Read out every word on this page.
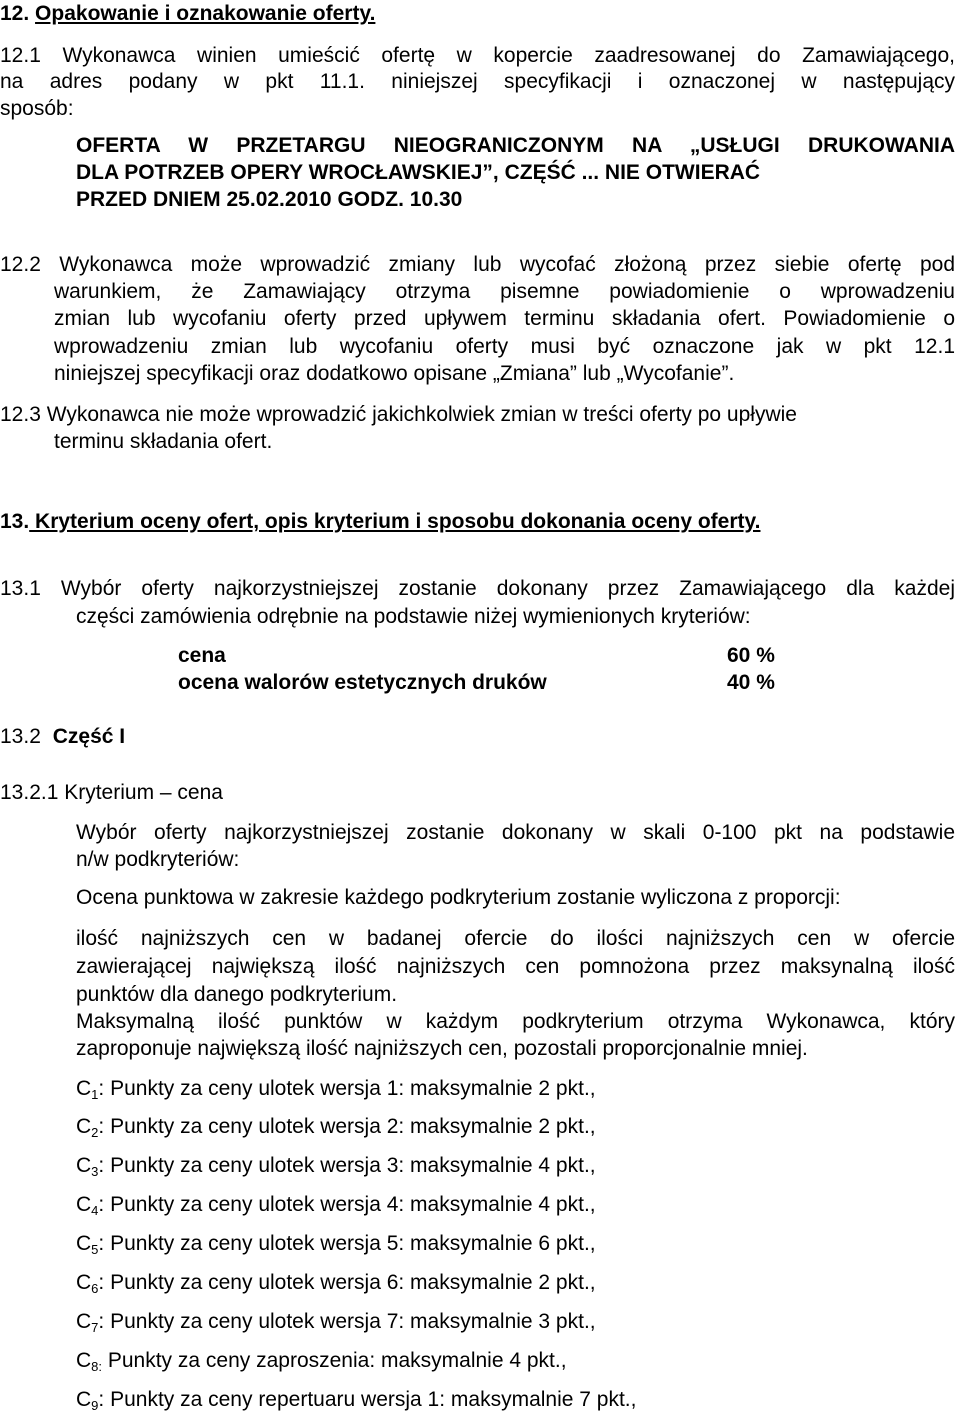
12. Opakowanie i oznakowanie oferty.
12.1 Wykonawca winien umieścić ofertę w kopercie zaadresowanej do Zamawiającego,
na adres podany w pkt 11.1. niniejszej specyfikacji i oznaczonej w następujący
sposób:
OFERTA W PRZETARGU NIEOGRANICZONYM NA „USŁUGI DRUKOWANIA
DLA POTRZEB OPERY WROCŁAWSKIEJ”, CZĘŚĆ ... NIE OTWIERAĆ
PRZED DNIEM 25.02.2010 GODZ. 10.30
12.2 Wykonawca może wprowadzić zmiany lub wycofać złożoną przez siebie ofertę pod
warunkiem, że Zamawiający otrzyma pisemne powiadomienie o wprowadzeniu
zmian lub wycofaniu oferty przed upływem terminu składania ofert. Powiadomienie o
wprowadzeniu zmian lub wycofaniu oferty musi być oznaczone jak w pkt 12.1
niniejszej specyfikacji oraz dodatkowo opisane „Zmiana” lub „Wycofanie”.
12.3 Wykonawca nie może wprowadzić jakichkolwiek zmian w treści oferty po upływie
terminu składania ofert.
13. Kryterium oceny ofert, opis kryterium i sposobu dokonania oceny oferty.
13.1 Wybór oferty najkorzystniejszej zostanie dokonany przez Zamawiającego dla każdej
części zamówienia odrębnie na podstawie niżej wymienionych kryteriów:
cena	60 %
ocena walorów estetycznych druków	40 %
13.2 Część I
13.2.1 Kryterium – cena
Wybór oferty najkorzystniejszej zostanie dokonany w skali 0-100 pkt na podstawie
n/w podkryteriów:
Ocena punktowa w zakresie każdego podkryterium zostanie wyliczona z proporcji:
ilość najniższych cen w badanej ofercie do ilości najniższych cen w ofercie
zawierającej największą ilość najniższych cen pomnożona przez maksynalną ilość
punktów dla danego podkryterium.
Maksymalną ilość punktów w każdym podkryterium otrzyma Wykonawca, który
zaproponuje największą ilość najniższych cen, pozostali proporcjonalnie mniej.
$C_1$: Punkty za ceny ulotek wersja 1: maksymalnie 2 pkt.,
$C_2$: Punkty za ceny ulotek wersja 2: maksymalnie 2 pkt.,
$C_3$: Punkty za ceny ulotek wersja 3: maksymalnie 4 pkt.,
$C_4$: Punkty za ceny ulotek wersja 4: maksymalnie 4 pkt.,
$C_5$: Punkty za ceny ulotek wersja 5: maksymalnie 6 pkt.,
$C_6$: Punkty za ceny ulotek wersja 6: maksymalnie 2 pkt.,
$C_7$: Punkty za ceny ulotek wersja 7: maksymalnie 3 pkt.,
$C_{8:}$ Punkty za ceny zaproszenia: maksymalnie 4 pkt.,
$C_9$: Punkty za ceny repertuaru wersja 1: maksymalnie 7 pkt.,
